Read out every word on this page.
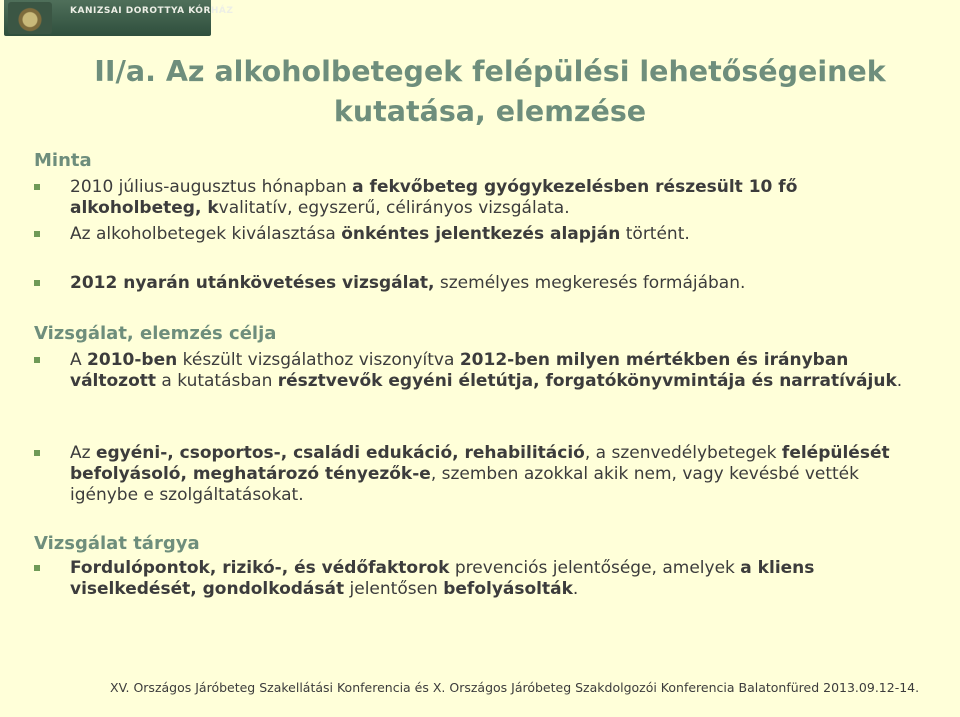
KANIZSAI DOROTTYA KÓRHÁZ
II/a. Az alkoholbetegek felépülési lehetőségeinek
kutatása, elemzése
Minta
2010 július-augusztus hónapban a fekvőbeteg gyógykezelésben részesült 10 fő alkoholbeteg, kvalitatív, egyszerű, célirányos vizsgálata.
Az alkoholbetegek kiválasztása önkéntes jelentkezés alapján történt.
2012 nyarán utánkövetéses vizsgálat, személyes megkeresés formájában.
Vizsgálat, elemzés célja
A 2010-ben készült vizsgálathoz viszonyítva 2012-ben milyen mértékben és irányban változott a kutatásban résztvevők egyéni életútja, forgatókönyvmintája és narratívájuk.
Az egyéni-, csoportos-, családi edukáció, rehabilitáció, a szenvedélybetegek felépülését befolyásoló, meghatározó tényezők-e, szemben azokkal akik nem, vagy kevésbé vették igénybe e szolgáltatásokat.
Vizsgálat tárgya
Fordulópontok, rizikó-, és védőfaktorok prevenciós jelentősége, amelyek a kliens viselkedését, gondolkodását jelentősen befolyásolták.
XV. Országos Járóbeteg Szakellátási Konferencia és X. Országos Járóbeteg Szakdolgozói Konferencia Balatonfüred 2013.09.12-14.
